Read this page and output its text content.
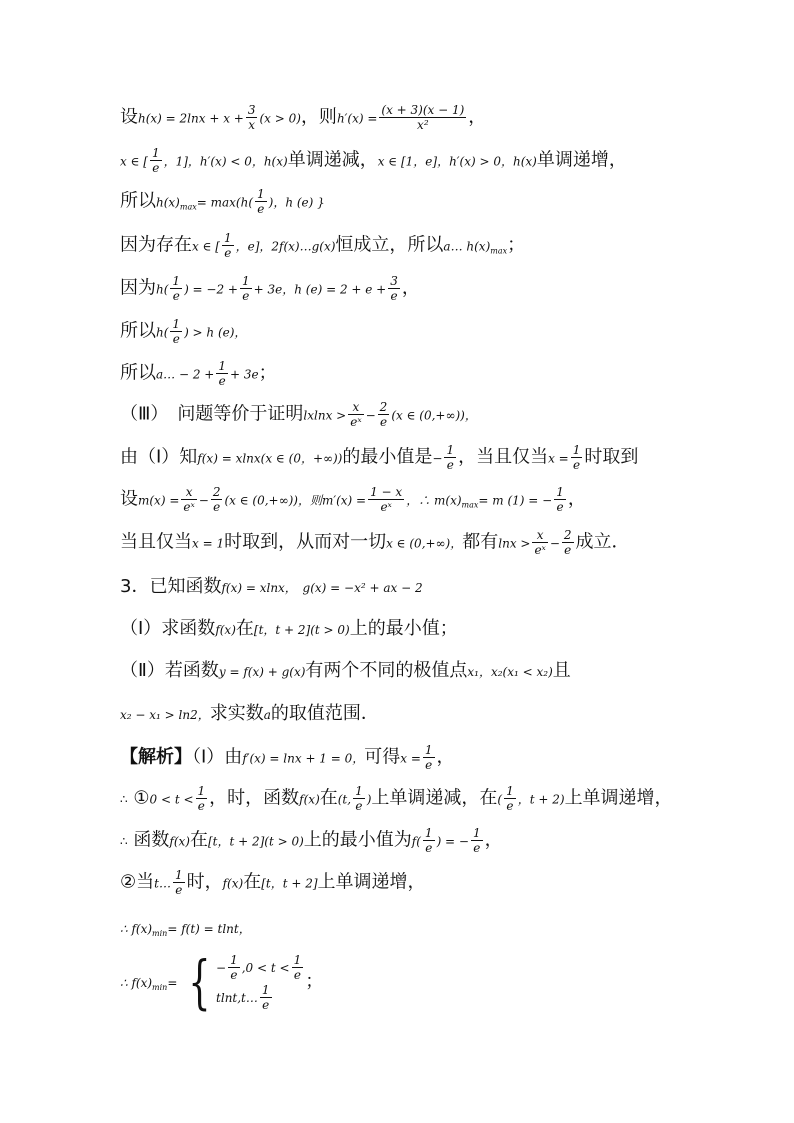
设$h(x) = 2\ln x + x + \frac{3}{x} (x > 0)$，则$h'(x) = \frac{(x + 3)(x - 1)}{\text{x²}}$ ，
x ∈ [ $\frac{1}{e}$ ，1]，h′(x) < 0，h(x)单调递减，x ∈ [1，e]，h′(x) > 0，h(x)单调递增，
所以$h(x)_{max}= \max(h( \frac{1}{e}$ )，h (e) }
因为存在x ∈ [ $\frac{1}{e}$ ，e]，2f(x)…g(x)恒成立，所以a… $h(x)_{max}$；
因为$h( \frac{1}{e}$ ) = $-2 + \frac{1}{e} + 3e$，h $(e) = 2 + e + \frac{3}{e}$ ，
所以$h( \frac{1}{e}$ ) > h (e)，
所以a… − $2 + \frac{1}{e} + 3e$；
（Ⅲ）　问题等价于证明$lxlnx > \frac{x}{\text{eˣ}} - \frac{2}{e} (x$ ∈ (0,+∞))，
由（Ⅰ）知f(x) = xlnx(x ∈ (0，+∞))的最小值是− $\frac{1}{e}$ ，当且仅当$x = \frac{1}{e}$ 时取到
设$m(x) = \frac{x}{\text{eˣ}} - \frac{2}{e} (x$ ∈ (0,+∞))，则$m'(x) = \frac{1 - x}{\text{eˣ}}$ ，∴ $m(x)_{max}= m$ (1) = − $\frac{1}{e}$ ，
当且仅当x = 1时取到，从而对一切x ∈ (0,+∞)，都有$\ln x > \frac{x}{\text{eˣ}} - \frac{2}{e}$ 成立．
3．已知函数f(x) = xlnx， g(x) = −x² + ax − 2
（Ⅰ）求函数f(x)在[t，t + 2](t > 0)上的最小值；
（Ⅱ）若函数y = f(x) + g(x)有两个不同的极值点x₁，x₂(x₁ < x₂)且
x₂ − x₁ > ln2，求实数a的取值范围．
【解析】（Ⅰ）由f′(x) = lnx + 1 = 0，可得$x = \frac{1}{e}$ ，
∴ ①0 < $t < \frac{1}{e}$ ，时，函数f(x)在(t, $\frac{1}{e}$ )上单调递减，在( $\frac{1}{e}$ ，t + 2)上单调递增，
∴ 函数f(x)在[t，t + 2](t > 0)上的最小值为$f( \frac{1}{e}$ ) = − $\frac{1}{e}$ ，
②当t… $\frac{1}{e}$ 时，f(x)在[t，t + 2]上单调递增，
∴ $f(x)_{min}= f(t) = tlnt$，
∴ $f(x)_{min}=$ { − $\frac{1}{e} ,0 < t < \frac{1}{e}$
tlnt,t… $\frac{1}{e}$
；
